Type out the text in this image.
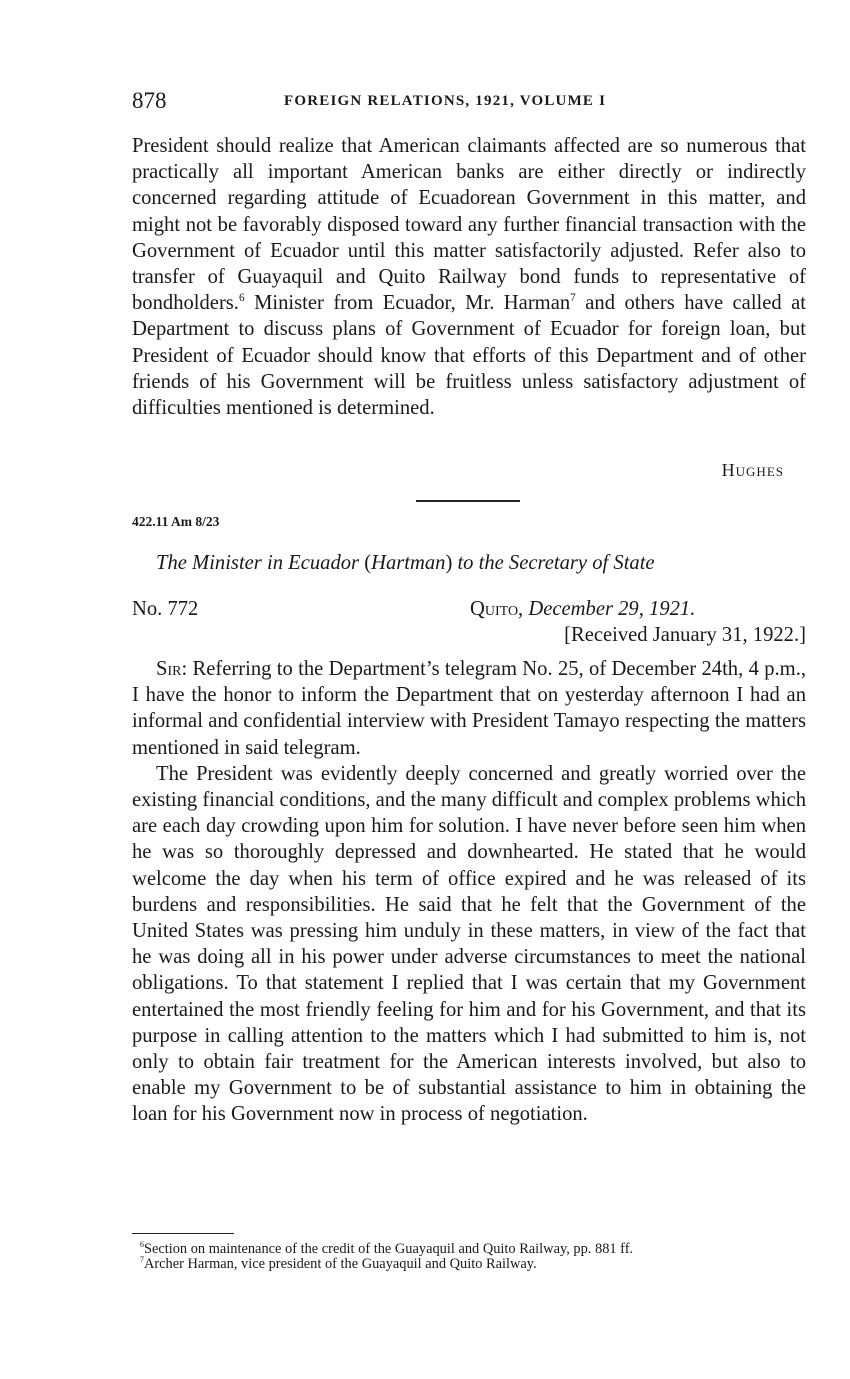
878	FOREIGN RELATIONS, 1921, VOLUME I

President should realize that American claimants affected are so numerous that practically all important American banks are either directly or indirectly concerned regarding attitude of Ecuadorean Government in this matter, and might not be favorably disposed toward any further financial transaction with the Government of Ecuador until this matter satisfactorily adjusted. Refer also to transfer of Guayaquil and Quito Railway bond funds to representative of bondholders.$^6$ Minister from Ecuador, Mr. Harman$^7$ and others have called at Department to discuss plans of Government of Ecuador for foreign loan, but President of Ecuador should know that efforts of this Department and of other friends of his Government will be fruitless unless satisfactory adjustment of difficulties mentioned is determined.

Hughes
422.11 Am 8/23
The Minister in Ecuador (Hartman) to the Secretary of State
No. 772	Quito, December 29, 1921.
[Received January 31, 1922.]

Sir: Referring to the Department’s telegram No. 25, of December 24th, 4 p.m., I have the honor to inform the Department that on yesterday afternoon I had an informal and confidential interview with President Tamayo respecting the matters mentioned in said telegram.

The President was evidently deeply concerned and greatly worried over the existing financial conditions, and the many difficult and complex problems which are each day crowding upon him for solution. I have never before seen him when he was so thoroughly depressed and downhearted. He stated that he would welcome the day when his term of office expired and he was released of its burdens and responsibilities. He said that he felt that the Government of the United States was pressing him unduly in these matters, in view of the fact that he was doing all in his power under adverse circumstances to meet the national obligations. To that statement I replied that I was certain that my Government entertained the most friendly feeling for him and for his Government, and that its purpose in calling attention to the matters which I had submitted to him is, not only to obtain fair treatment for the American interests involved, but also to enable my Government to be of substantial assistance to him in obtaining the loan for his Government now in process of negotiation.

$^6$Section on maintenance of the credit of the Guayaquil and Quito Railway, pp. 881 ff.

$^7$Archer Harman, vice president of the Guayaquil and Quito Railway.
